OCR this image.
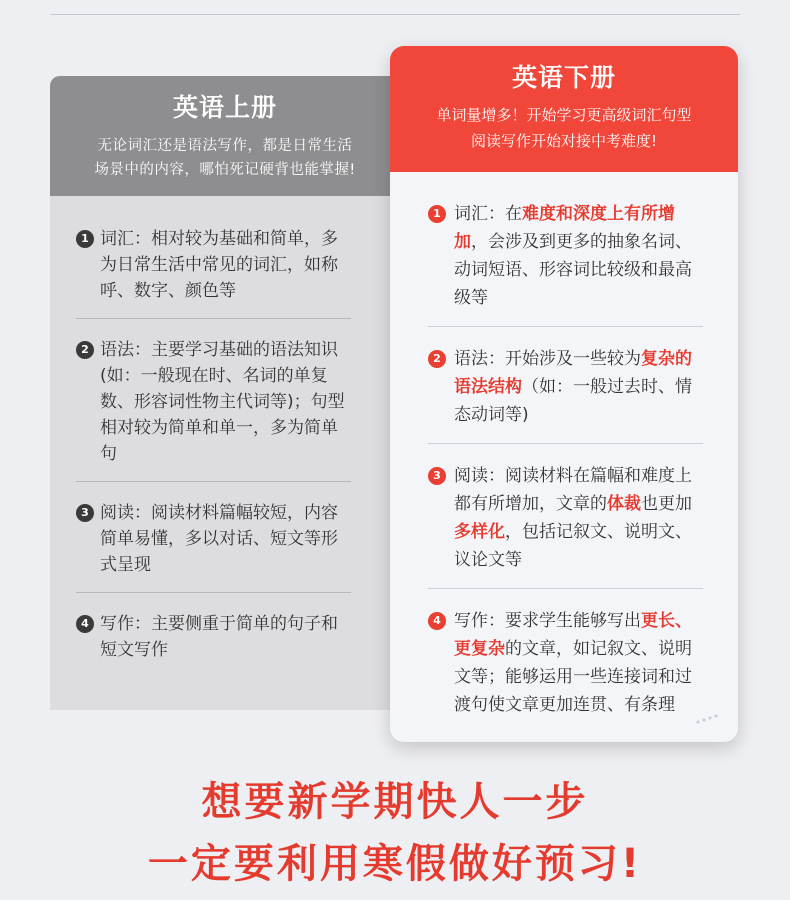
英语上册
无论词汇还是语法写作，都是日常生活
场景中的内容，哪怕死记硬背也能掌握!
1 词汇：相对较为基础和简单，多为日常生活中常见的词汇，如称呼、数字、颜色等
2 语法：主要学习基础的语法知识(如：一般现在时、名词的单复数、形容词性物主代词等)；句型相对较为简单和单一，多为简单句
3 阅读：阅读材料篇幅较短，内容简单易懂，多以对话、短文等形式呈现
4 写作：主要侧重于简单的句子和短文写作
英语下册
单词量增多！开始学习更高级词汇句型
阅读写作开始对接中考难度!
1 词汇：在难度和深度上有所增加，会涉及到更多的抽象名词、动词短语、形容词比较级和最高级等
2 语法：开始涉及一些较为复杂的语法结构（如：一般过去时、情态动词等)
3 阅读：阅读材料在篇幅和难度上都有所增加，文章的体裁也更加多样化，包括记叙文、说明文、议论文等
4 写作：要求学生能够写出更长、更复杂的文章，如记叙文、说明文等；能够运用一些连接词和过渡句使文章更加连贯、有条理
想要新学期快人一步
一定要利用寒假做好预习!
